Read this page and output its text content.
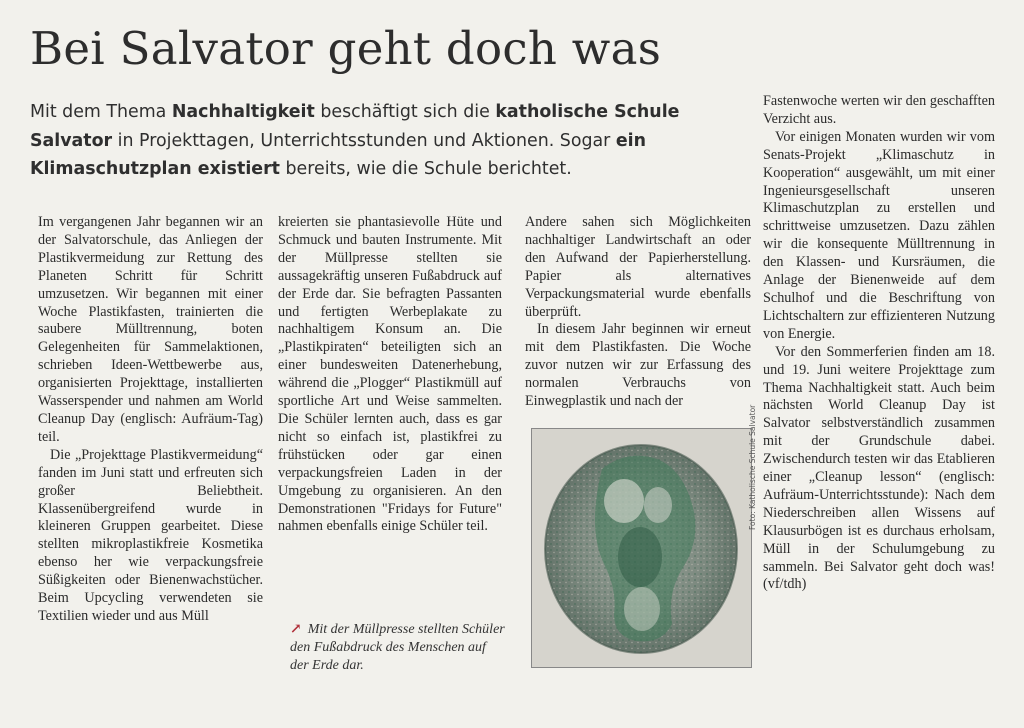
Bei Salvator geht doch was
Mit dem Thema Nachhaltigkeit beschäftigt sich die katholische Schule Salvator in Projekttagen, Unterrichtsstunden und Aktionen. Sogar ein Klimaschutzplan existiert bereits, wie die Schule berichtet.

Im vergangenen Jahr begannen wir an der Salvatorschule, das Anliegen der Plastikvermeidung zur Rettung des Planeten Schritt für Schritt umzusetzen. Wir begannen mit einer Woche Plastikfasten, trainierten die saubere Mülltrennung, boten Gelegenheiten für Sammelaktionen, schrieben Ideen-Wettbewerbe aus, organisierten Projekttage, installierten Wasserspender und nahmen am World Cleanup Day (englisch: Aufräum-Tag) teil.

Die „Projekttage Plastikvermeidung“ fanden im Juni statt und erfreuten sich großer Beliebtheit. Klassenübergreifend wurde in kleineren Gruppen gearbeitet. Diese stellten mikroplastikfreie Kosmetika ebenso her wie verpackungsfreie Süßigkeiten oder Bienenwachstücher. Beim Upcycling verwendeten sie Textilien wieder und aus Müll

kreierten sie phantasievolle Hüte und Schmuck und bauten Instrumente. Mit der Müllpresse stellten sie aussagekräftig unseren Fußabdruck auf der Erde dar. Sie befragten Passanten und fertigten Werbeplakate zu nachhaltigem Konsum an. Die „Plastikpiraten“ beteiligten sich an einer bundesweiten Datenerhebung, während die „Plogger“ Plastikmüll auf sportliche Art und Weise sammelten. Die Schüler lernten auch, dass es gar nicht so einfach ist, plastikfrei zu frühstücken oder gar einen verpackungsfreien Laden in der Umgebung zu organisieren. An den Demonstrationen "Fridays for Future" nahmen ebenfalls einige Schüler teil.

Andere sahen sich Möglichkeiten nachhaltiger Landwirtschaft an oder den Aufwand der Papierherstellung. Papier als alternatives Verpackungsmaterial wurde ebenfalls überprüft.

In diesem Jahr beginnen wir erneut mit dem Plastikfasten. Die Woche zuvor nutzen wir zur Erfassung des normalen Verbrauchs von Einwegplastik und nach der

Fastenwoche werten wir den geschafften Verzicht aus.

Vor einigen Monaten wurden wir vom Senats-Projekt „Klimaschutz in Kooperation“ ausgewählt, um mit einer Ingenieursgesellschaft unseren Klimaschutzplan zu erstellen und schrittweise umzusetzen. Dazu zählen wir die konsequente Mülltrennung in den Klassen- und Kursräumen, die Anlage der Bienenweide auf dem Schulhof und die Beschriftung von Lichtschaltern zur effizienteren Nutzung von Energie.

Vor den Sommerferien finden am 18. und 19. Juni weitere Projekttage zum Thema Nachhaltigkeit statt. Auch beim nächsten World Cleanup Day ist Salvator selbstverständlich zusammen mit der Grundschule dabei. Zwischendurch testen wir das Etablieren einer „Cleanup lesson“ (englisch: Aufräum-Unterrichtsstunde): Nach dem Niederschreiben allen Wissens auf Klausurbögen ist es durchaus erholsam, Müll in der Schulumgebung zu sammeln. Bei Salvator geht doch was! (vf/tdh)

Foto: Katholische Schule Salvator
↗ Mit der Müllpresse stellten Schüler den Fußabdruck des Menschen auf der Erde dar.
